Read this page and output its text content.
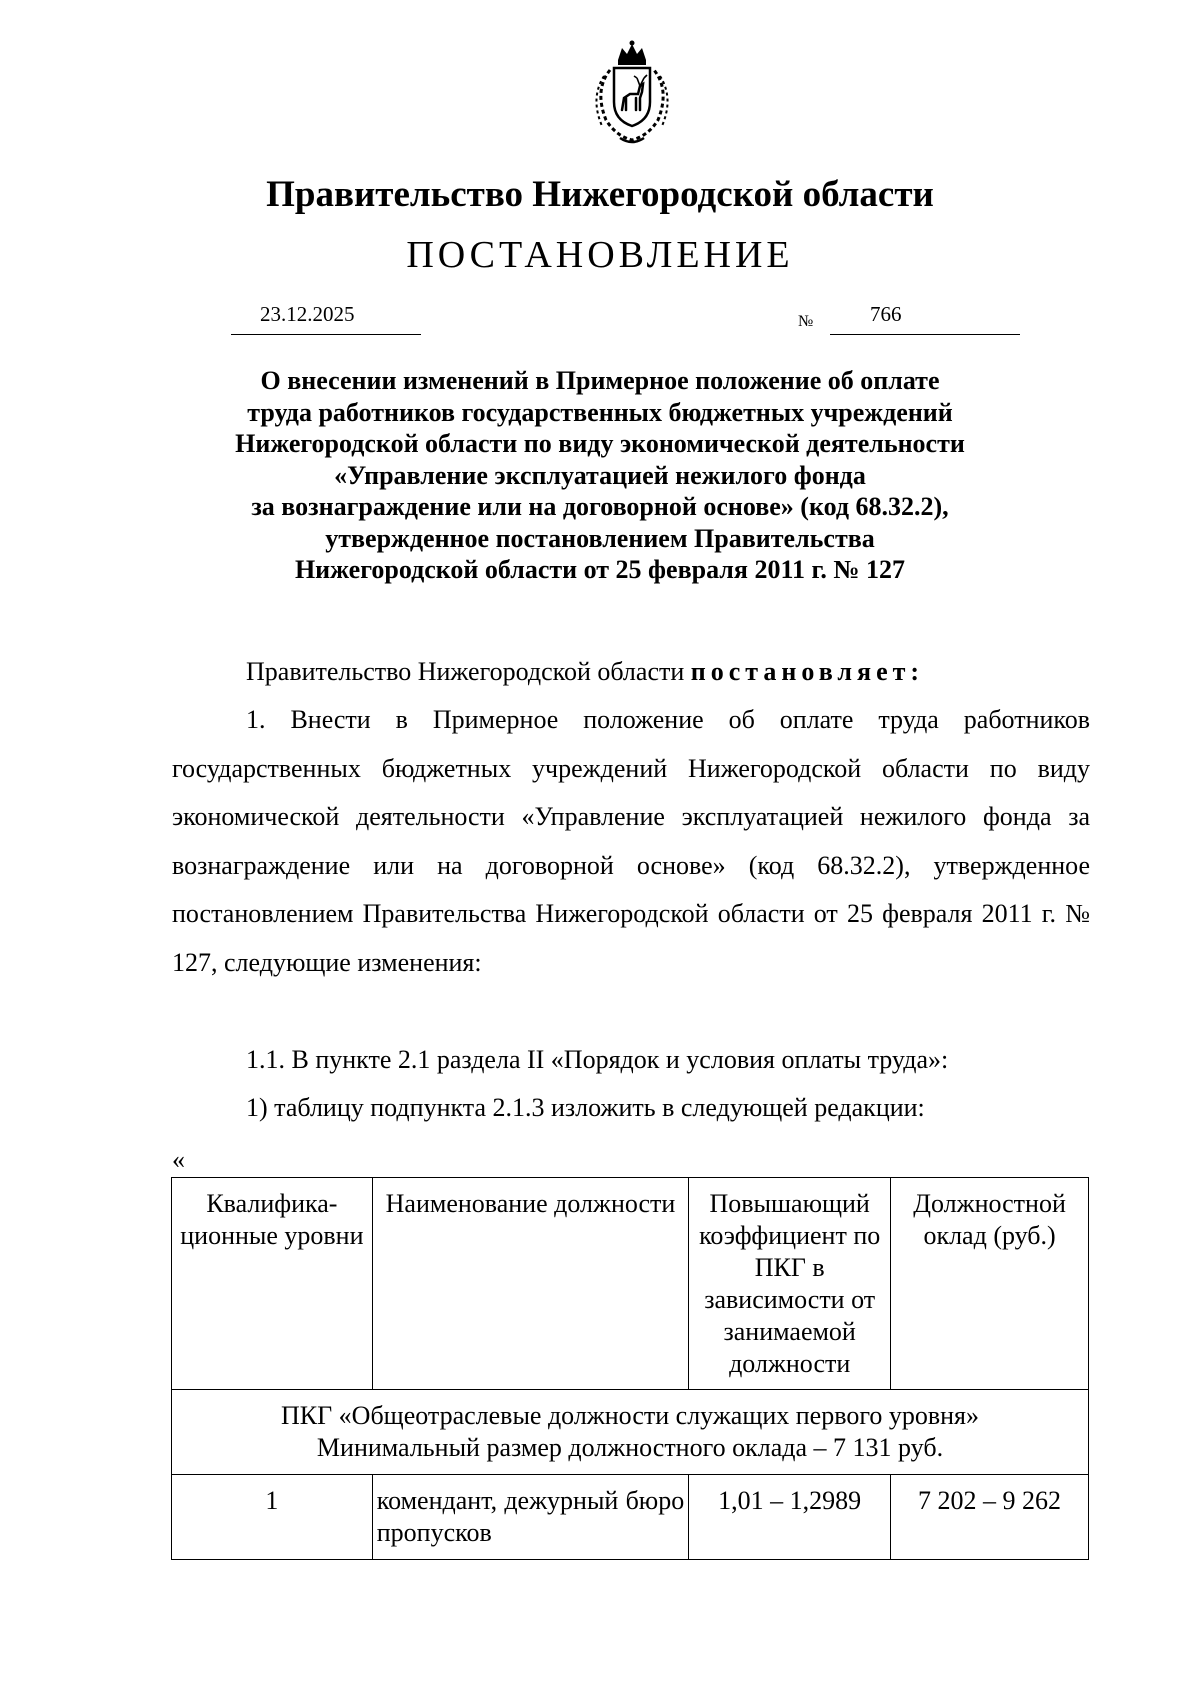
Правительство Нижегородской области
ПОСТАНОВЛЕНИЕ
23.12.2025	№	766
О внесении изменений в Примерное положение об оплате
труда работников государственных бюджетных учреждений
Нижегородской области по виду экономической деятельности
«Управление эксплуатацией нежилого фонда
за вознаграждение или на договорной основе» (код 68.32.2),
утвержденное постановлением Правительства
Нижегородской области от 25 февраля 2011 г. № 127

Правительство Нижегородской области постановляет:

1. Внести в Примерное положение об оплате труда работников государственных бюджетных учреждений Нижегородской области по виду экономической деятельности «Управление эксплуатацией нежилого фонда за вознаграждение или на договорной основе» (код 68.32.2), утвержденное постановлением Правительства Нижегородской области от 25 февраля 2011 г. № 127, следующие изменения:

1.1. В пункте 2.1 раздела II «Порядок и условия оплаты труда»:

1) таблицу подпункта 2.1.3 изложить в следующей редакции:

«
Квалифика-ционные уровни	Наименование должности	Повышающий коэффициент по ПКГ в зависимости от занимаемой должности	Должностной оклад (руб.)

ПКГ «Общеотраслевые должности служащих первого уровня»
Минимальный размер должностного оклада – 7 131 руб.			

1	комендант, дежурный бюро пропусков	1,01 – 1,2989	7 202 – 9 262
